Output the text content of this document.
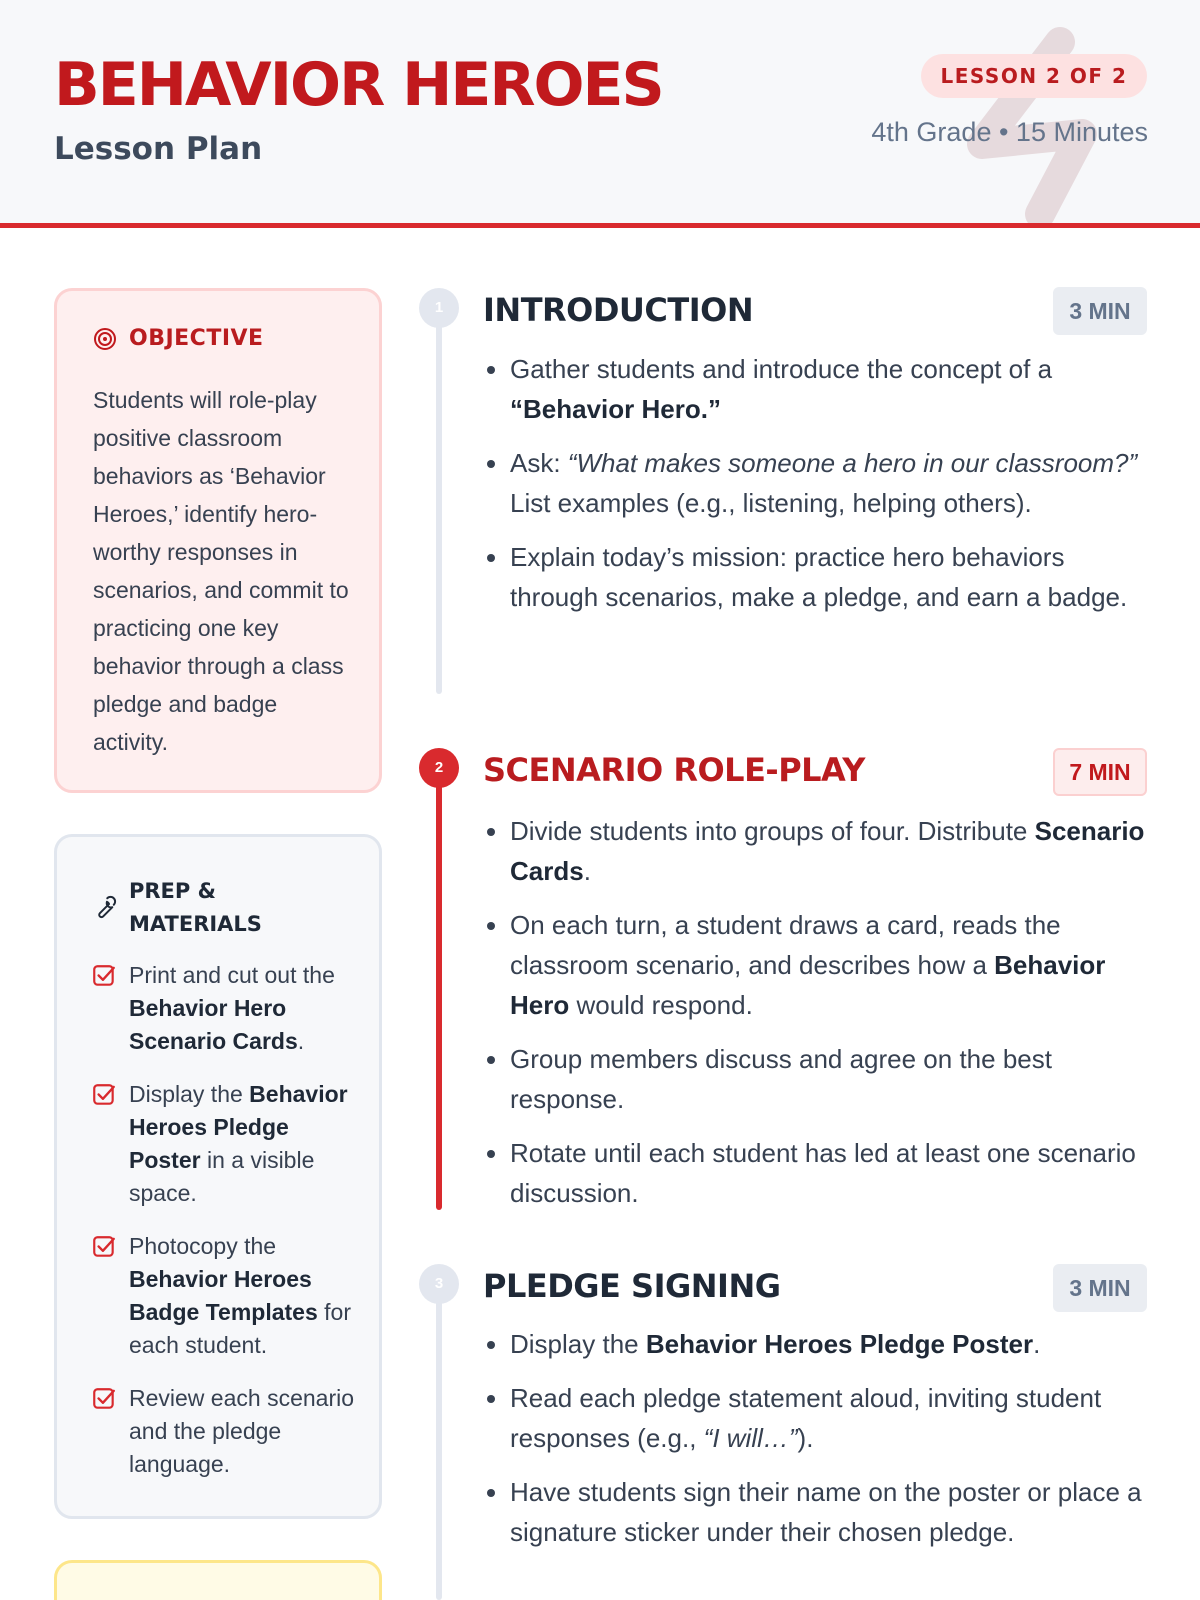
BEHAVIOR HEROES
Lesson Plan
LESSON 2 OF 2
4th Grade • 15 Minutes
OBJECTIVE
Students will role-play positive classroom behaviors as ‘Behavior Heroes,’ identify hero-worthy responses in scenarios, and commit to practicing one key behavior through a class pledge and badge activity.
PREP & MATERIALS
Print and cut out the Behavior Hero Scenario Cards.
Display the Behavior Heroes Pledge Poster in a visible space.
Photocopy the Behavior Heroes Badge Templates for each student.
Review each scenario and the pledge language.
1
2
3
INTRODUCTION	3 MIN
• Gather students and introduce the concept of a “Behavior Hero.”
• Ask: “What makes someone a hero in our classroom?” List examples (e.g., listening, helping others).
• Explain today’s mission: practice hero behaviors through scenarios, make a pledge, and earn a badge.
SCENARIO ROLE-PLAY	7 MIN
• Divide students into groups of four. Distribute Scenario Cards.
• On each turn, a student draws a card, reads the classroom scenario, and describes how a Behavior Hero would respond.
• Group members discuss and agree on the best response.
• Rotate until each student has led at least one scenario discussion.
PLEDGE SIGNING	3 MIN
• Display the Behavior Heroes Pledge Poster.
• Read each pledge statement aloud, inviting student responses (e.g., “I will…”).
• Have students sign their name on the poster or place a signature sticker under their chosen pledge.
